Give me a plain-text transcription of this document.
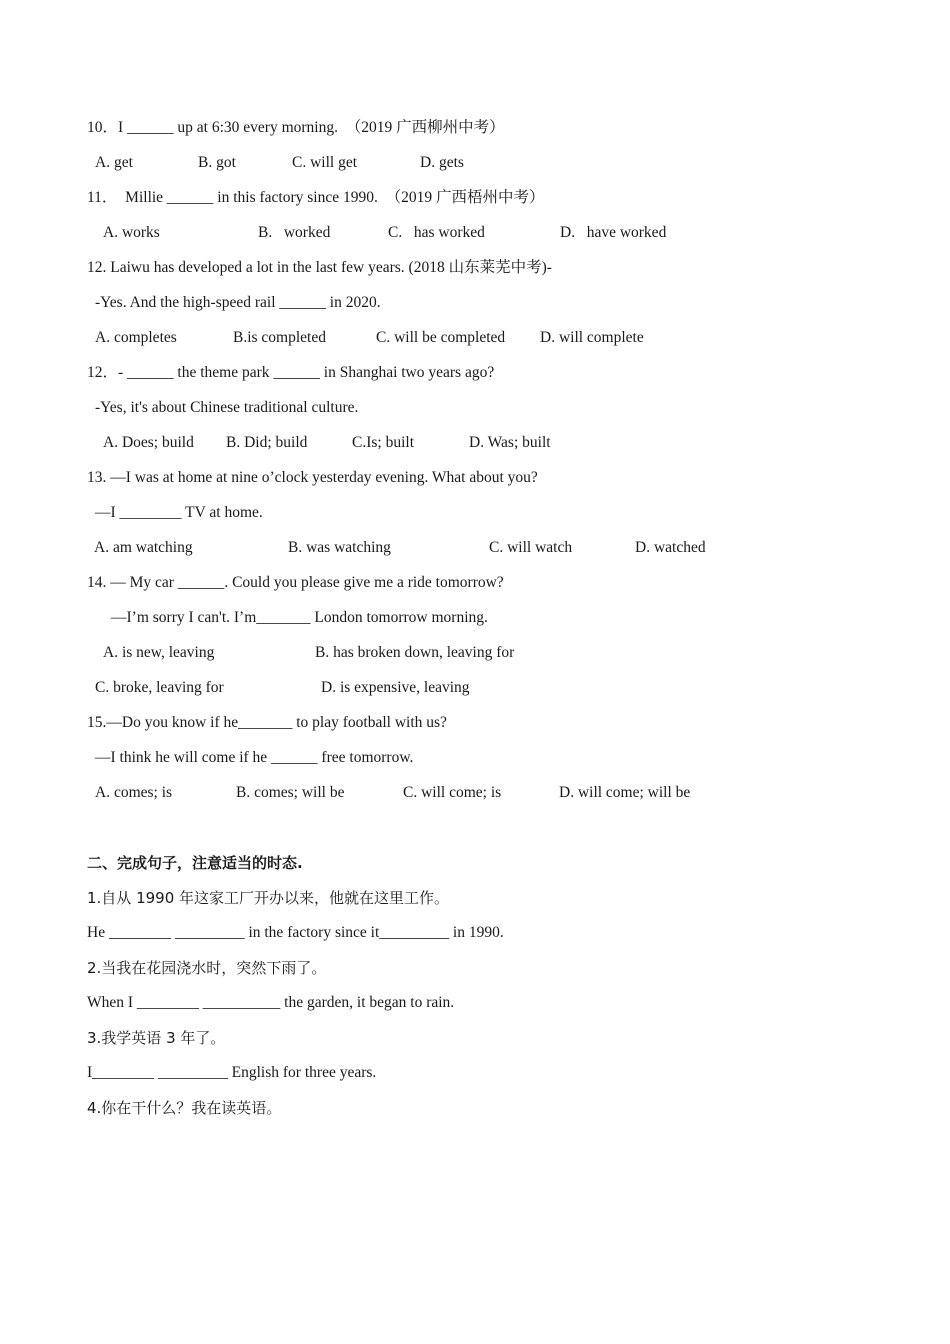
10．I ______ up at 6:30 every morning.  （2019 广西柳州中考）
A. get	B. got	C. will get	D. gets
11．  Millie ______ in this factory since 1990.  （2019 广西梧州中考）
A. works	B.   worked	C.   has worked	D.   have worked
12. Laiwu has developed a lot in the last few years. (2018 山东莱芜中考)-
-Yes. And the high-speed rail ______ in 2020.
A. completes	B.is completed	C. will be completed D. will complete
12．- ______ the theme park ______ in Shanghai two years ago?
-Yes, it's about Chinese traditional culture.
A. Does; build B. Did; build	C.Is; built	D. Was; built
13. —I was at home at nine o’clock yesterday evening. What about you?
—I ________ TV at home.
A. am watching	B. was watching	C. will watch	D. watched
14. — My car ______. Could you please give me a ride tomorrow?
—I’m sorry I can't. I’m_______ London tomorrow morning.
A. is new, leaving	B. has broken down, leaving for
C. broke, leaving for	D. is expensive, leaving
15.—Do you know if he_______ to play football with us?
—I think he will come if he ______ free tomorrow.
A. comes; is	B. comes; will be	C. will come; is	D. will come; will be
二、完成句子，注意适当的时态.
1.自从 1990 年这家工厂开办以来，他就在这里工作。
He ________ _________ in the factory since it_________ in 1990.
2.当我在花园浇水时，突然下雨了。
When I ________ __________ the garden, it began to rain.
3.我学英语 3 年了。
I________ _________ English for three years.
4.你在干什么？我在读英语。
